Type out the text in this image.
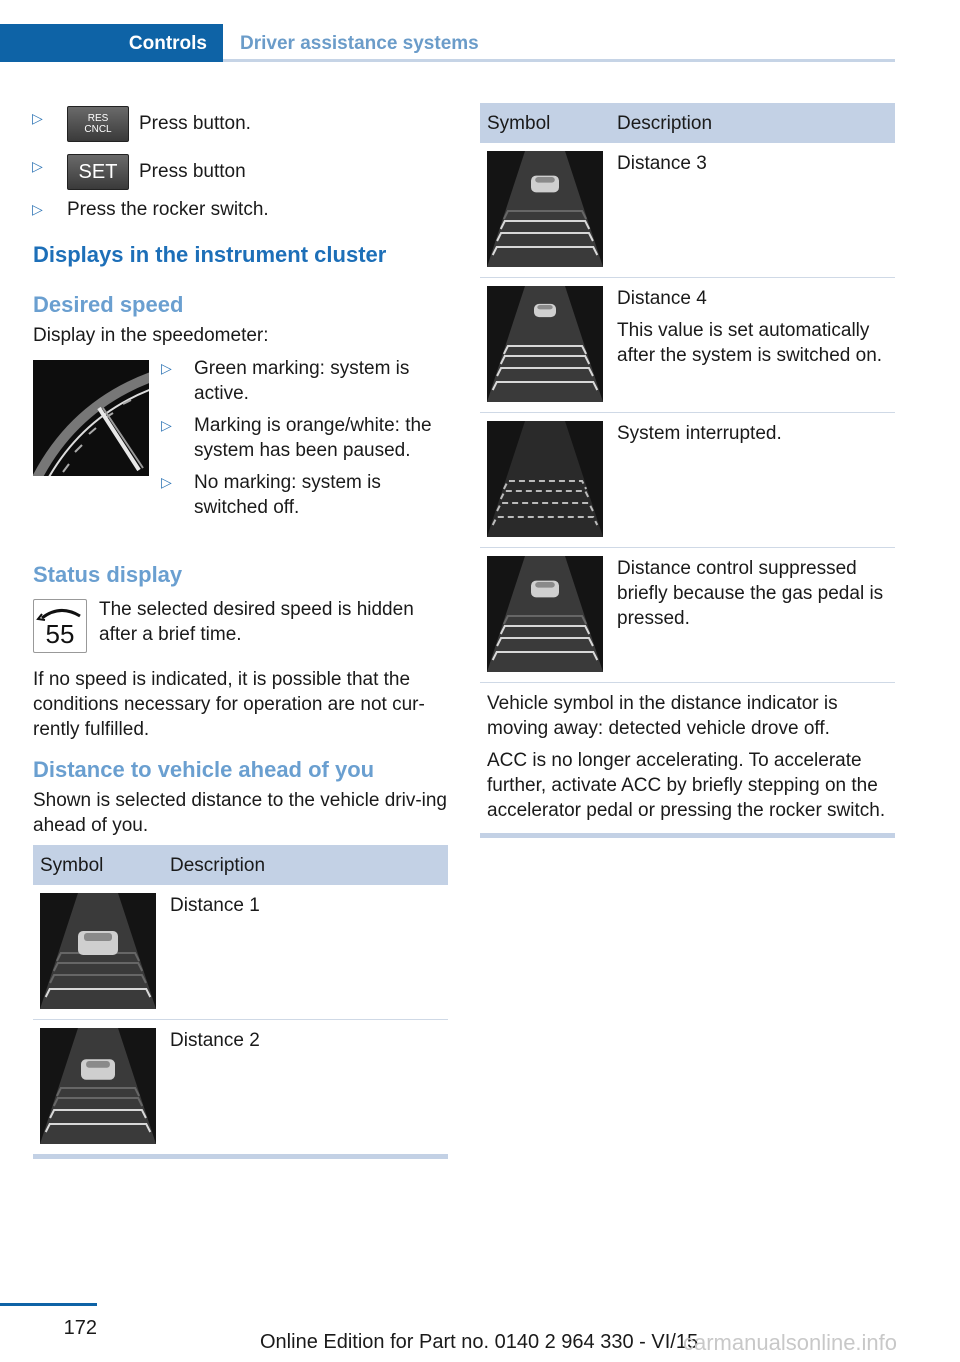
Controls	Driver assistance systems
▷	RES
CNCL Press button.
▷	SET Press button
▷	Press the rocker switch.
Displays in the instrument cluster
Desired speed

Display in the speedometer:

▷	Green marking: system is active.
▷	Marking is orange/white: the system has been paused.
▷	No marking: system is switched off.
Status display
55

The selected desired speed is hidden after a brief time.

If no speed is indicated, it is possible that the conditions necessary for operation are not cur-rently fulfilled.

Distance to vehicle ahead of you

Shown is selected distance to the vehicle driv-ing ahead of you.

Symbol	Description

Distance 1

Distance 2

Symbol	Description

Distance 3

Distance 4

This value is set automatically after the system is switched on.

System interrupted.

Distance control suppressed briefly because the gas pedal is pressed.

Vehicle symbol in the distance indicator is moving away: detected vehicle drove off.

ACC is no longer accelerating. To accelerate further, activate ACC by briefly stepping on the accelerator pedal or pressing the rocker switch.	

172
Online Edition for Part no. 0140 2 964 330 - VI/15
carmanualsonline.info
